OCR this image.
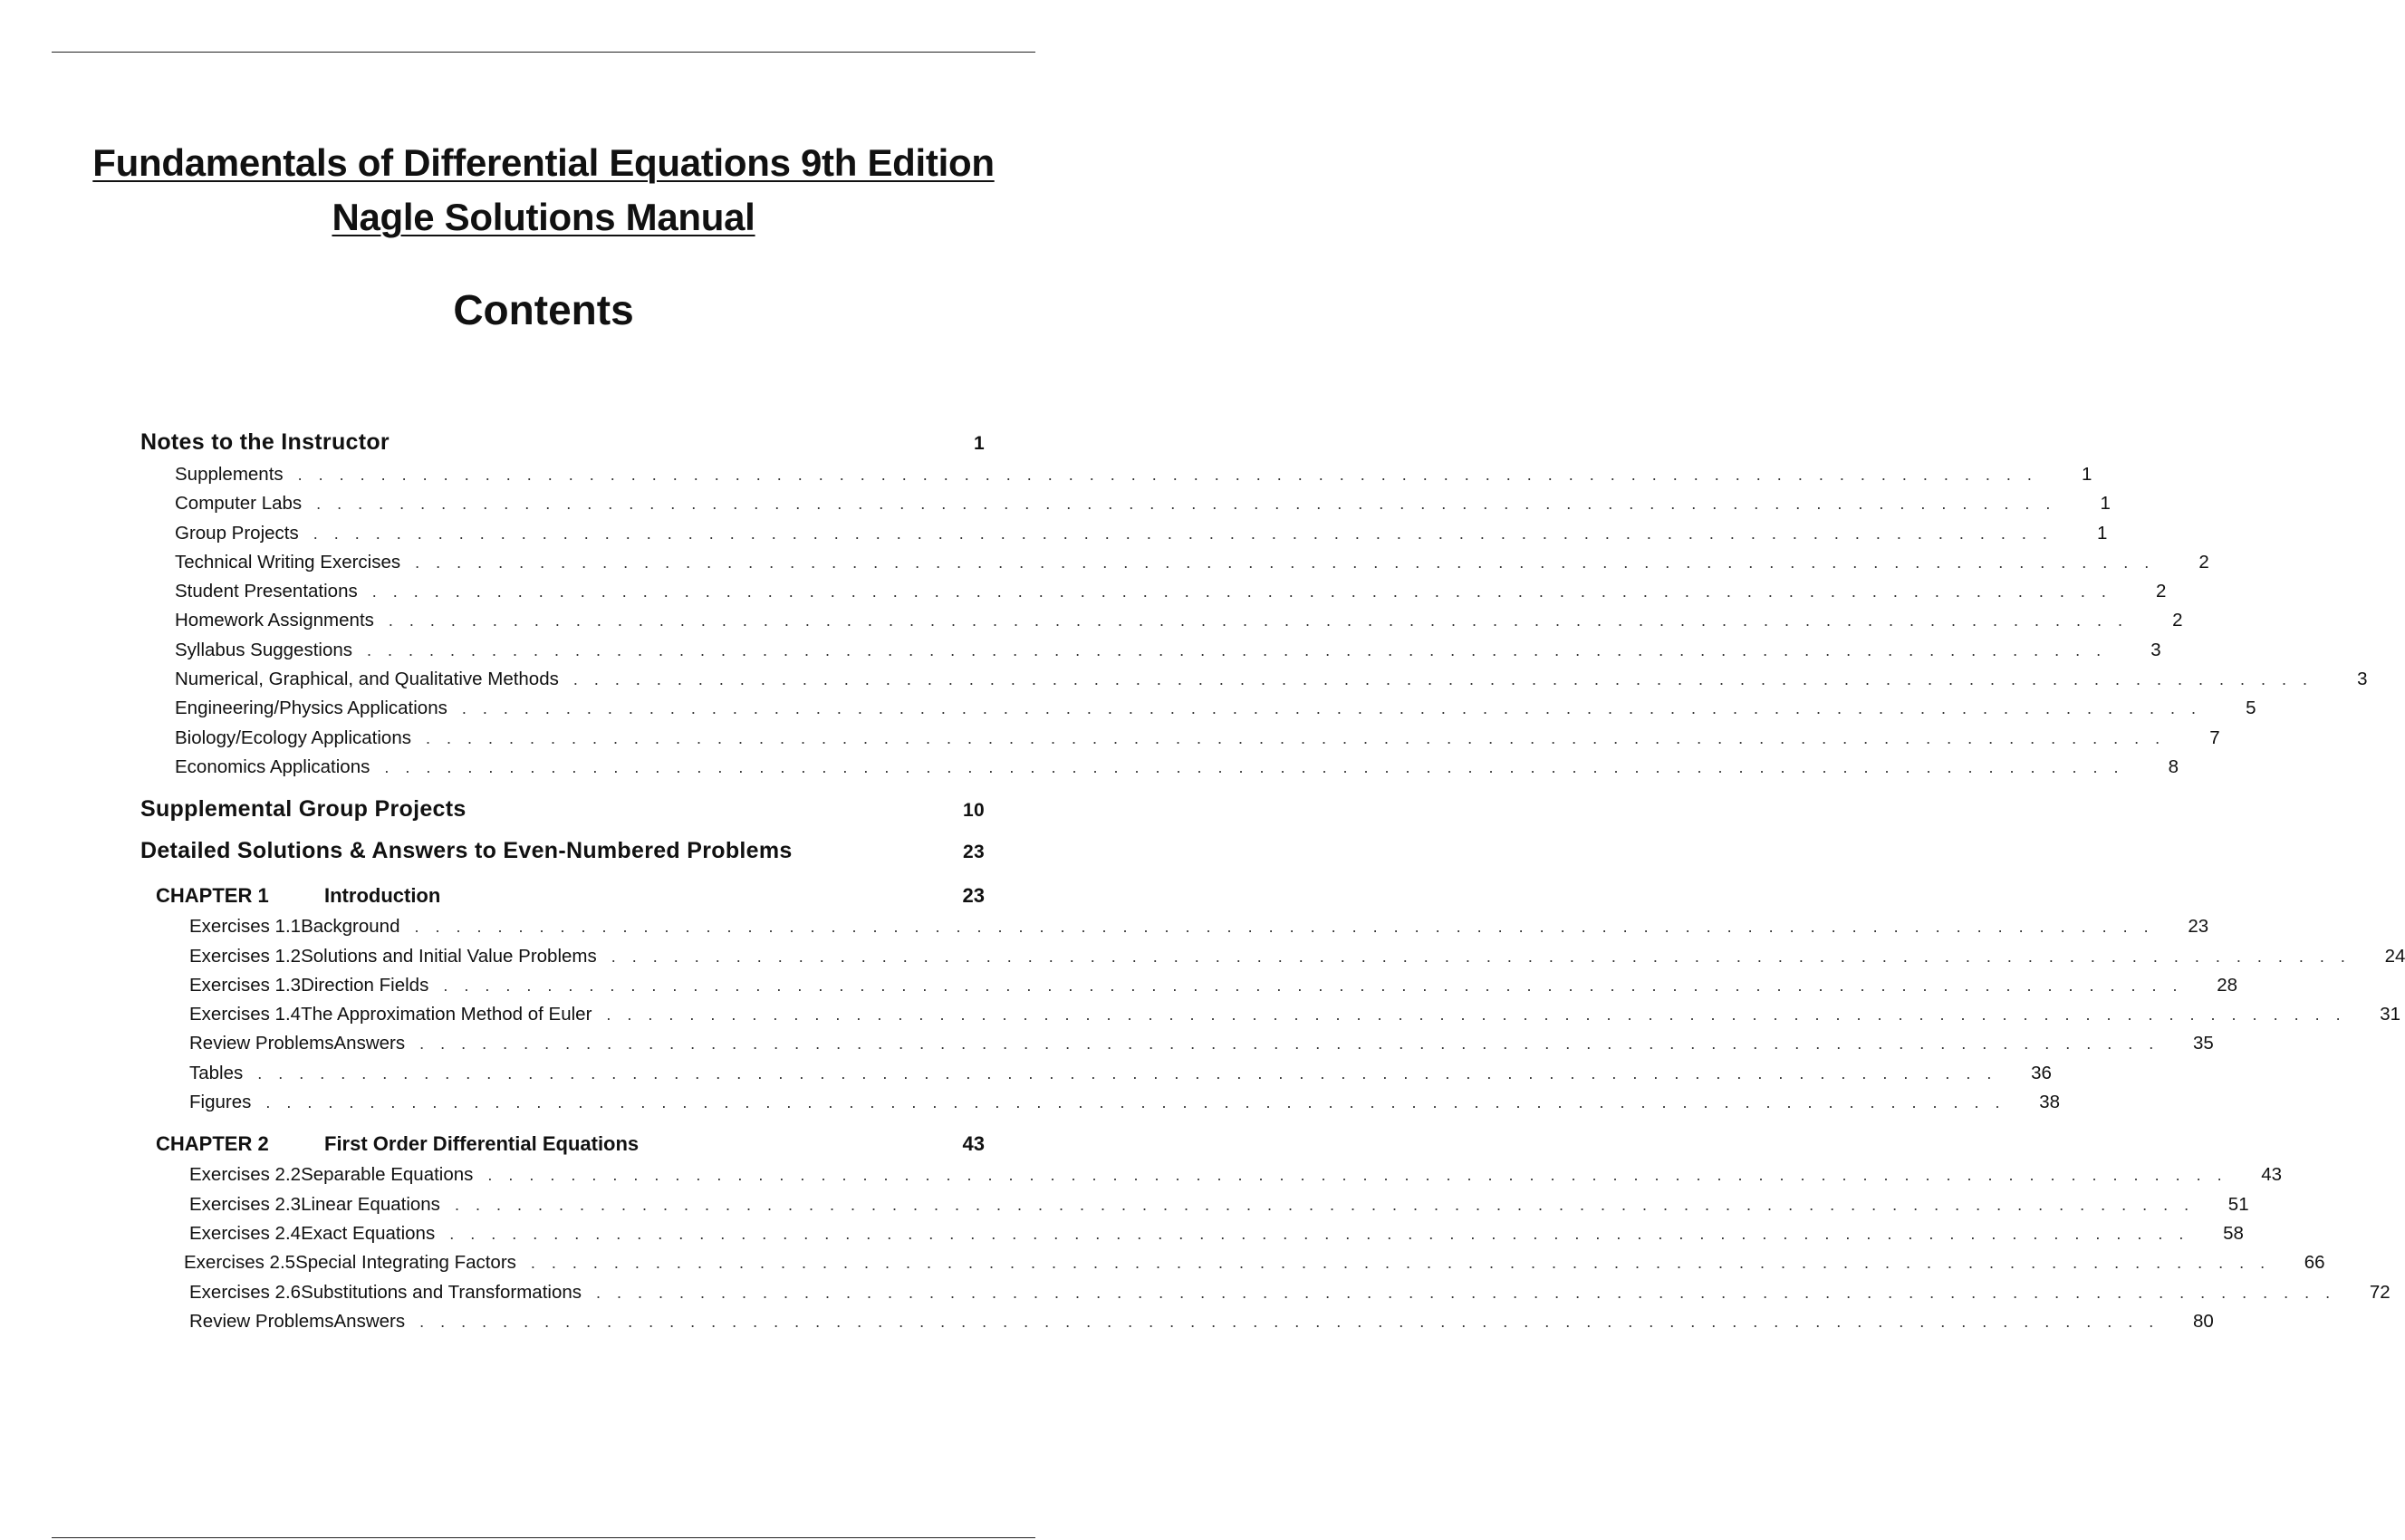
Fundamentals of Differential Equations 9th Edition
Nagle Solutions Manual
Contents
Notes to the Instructor	1
Supplements . . . . . . . . . . . . . . . . . . . . . . . . . . . . . . . . . . . . . . . . . . . . . . . . . . . . . . . . . . . . . . . . . . . . . . . . . . . . . . . . . . . .	1
Computer Labs . . . . . . . . . . . . . . . . . . . . . . . . . . . . . . . . . . . . . . . . . . . . . . . . . . . . . . . . . . . . . . . . . . . . . . . . . . . . . . . . . . . .	1
Group Projects . . . . . . . . . . . . . . . . . . . . . . . . . . . . . . . . . . . . . . . . . . . . . . . . . . . . . . . . . . . . . . . . . . . . . . . . . . . . . . . . . . . .	1
Technical Writing Exercises . . . . . . . . . . . . . . . . . . . . . . . . . . . . . . . . . . . . . . . . . . . . . . . . . . . . . . . . . . . . . . . . . . . . . . . . . . . . . . . . . . . .	2
Student Presentations . . . . . . . . . . . . . . . . . . . . . . . . . . . . . . . . . . . . . . . . . . . . . . . . . . . . . . . . . . . . . . . . . . . . . . . . . . . . . . . . . . . .	2
Homework Assignments . . . . . . . . . . . . . . . . . . . . . . . . . . . . . . . . . . . . . . . . . . . . . . . . . . . . . . . . . . . . . . . . . . . . . . . . . . . . . . . . . . . .	2
Syllabus Suggestions . . . . . . . . . . . . . . . . . . . . . . . . . . . . . . . . . . . . . . . . . . . . . . . . . . . . . . . . . . . . . . . . . . . . . . . . . . . . . . . . . . . .	3
Numerical, Graphical, and Qualitative Methods . . . . . . . . . . . . . . . . . . . . . . . . . . . . . . . . . . . . . . . . . . . . . . . . . . . . . . . . . . . . . . . . . . . . . . . . . . . . . . . . . . . .	3
Engineering/Physics Applications . . . . . . . . . . . . . . . . . . . . . . . . . . . . . . . . . . . . . . . . . . . . . . . . . . . . . . . . . . . . . . . . . . . . . . . . . . . . . . . . . . . .	5
Biology/Ecology Applications . . . . . . . . . . . . . . . . . . . . . . . . . . . . . . . . . . . . . . . . . . . . . . . . . . . . . . . . . . . . . . . . . . . . . . . . . . . . . . . . . . . .	7
Economics Applications . . . . . . . . . . . . . . . . . . . . . . . . . . . . . . . . . . . . . . . . . . . . . . . . . . . . . . . . . . . . . . . . . . . . . . . . . . . . . . . . . . . .	8
Supplemental Group Projects	10
Detailed Solutions & Answers to Even-Numbered Problems	23
CHAPTER 1	Introduction	23
Exercises 1.1 Background . . . . . . . . . . . . . . . . . . . . . . . . . . . . . . . . . . . . . . . . . . . . . . . . . . . . . . . . . . . . . . . . . . . . . . . . . . . . . . . . . . . .	23
Exercises 1.2 Solutions and Initial Value Problems . . . . . . . . . . . . . . . . . . . . . . . . . . . . . . . . . . . . . . . . . . . . . . . . . . . . . . . . . . . . . . . . . . . . . . . . . . . . . . . . . . . .	24
Exercises 1.3 Direction Fields . . . . . . . . . . . . . . . . . . . . . . . . . . . . . . . . . . . . . . . . . . . . . . . . . . . . . . . . . . . . . . . . . . . . . . . . . . . . . . . . . . . .	28
Exercises 1.4 The Approximation Method of Euler . . . . . . . . . . . . . . . . . . . . . . . . . . . . . . . . . . . . . . . . . . . . . . . . . . . . . . . . . . . . . . . . . . . . . . . . . . . . . . . . . . . .	31
Review Problems Answers . . . . . . . . . . . . . . . . . . . . . . . . . . . . . . . . . . . . . . . . . . . . . . . . . . . . . . . . . . . . . . . . . . . . . . . . . . . . . . . . . . . .	35
Tables . . . . . . . . . . . . . . . . . . . . . . . . . . . . . . . . . . . . . . . . . . . . . . . . . . . . . . . . . . . . . . . . . . . . . . . . . . . . . . . . . . . .	36
Figures . . . . . . . . . . . . . . . . . . . . . . . . . . . . . . . . . . . . . . . . . . . . . . . . . . . . . . . . . . . . . . . . . . . . . . . . . . . . . . . . . . . .	38
CHAPTER 2	First Order Differential Equations	43
Exercises 2.2 Separable Equations . . . . . . . . . . . . . . . . . . . . . . . . . . . . . . . . . . . . . . . . . . . . . . . . . . . . . . . . . . . . . . . . . . . . . . . . . . . . . . . . . . . .	43
Exercises 2.3 Linear Equations . . . . . . . . . . . . . . . . . . . . . . . . . . . . . . . . . . . . . . . . . . . . . . . . . . . . . . . . . . . . . . . . . . . . . . . . . . . . . . . . . . . .	51
Exercises 2.4 Exact Equations . . . . . . . . . . . . . . . . . . . . . . . . . . . . . . . . . . . . . . . . . . . . . . . . . . . . . . . . . . . . . . . . . . . . . . . . . . . . . . . . . . . .	58
Exercises 2.5 Special Integrating Factors . . . . . . . . . . . . . . . . . . . . . . . . . . . . . . . . . . . . . . . . . . . . . . . . . . . . . . . . . . . . . . . . . . . . . . . . . . . . . . . . . . . .	66
Exercises 2.6 Substitutions and Transformations . . . . . . . . . . . . . . . . . . . . . . . . . . . . . . . . . . . . . . . . . . . . . . . . . . . . . . . . . . . . . . . . . . . . . . . . . . . . . . . . . . . .	72
Review Problems Answers . . . . . . . . . . . . . . . . . . . . . . . . . . . . . . . . . . . . . . . . . . . . . . . . . . . . . . . . . . . . . . . . . . . . . . . . . . . . . . . . . . . .	80
